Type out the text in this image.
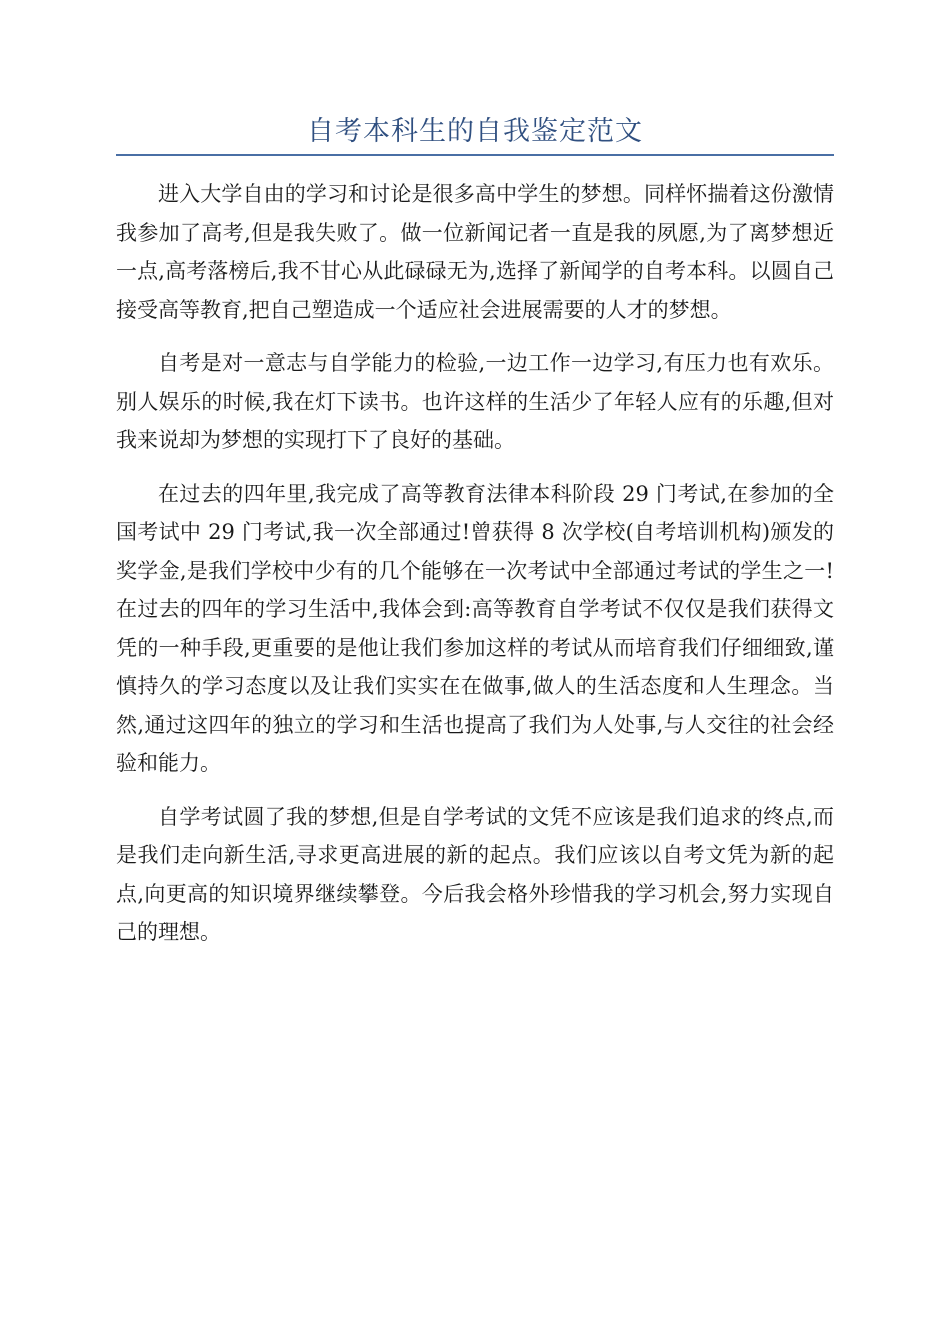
自考本科生的自我鉴定范文

进入大学自由的学习和讨论是很多高中学生的梦想。同样怀揣着这份激情我参加了高考,但是我失败了。做一位新闻记者一直是我的夙愿,为了离梦想近一点,高考落榜后,我不甘心从此碌碌无为,选择了新闻学的自考本科。以圆自己接受高等教育,把自己塑造成一个适应社会进展需要的人才的梦想。

自考是对一意志与自学能力的检验,一边工作一边学习,有压力也有欢乐。别人娱乐的时候,我在灯下读书。也许这样的生活少了年轻人应有的乐趣,但对我来说却为梦想的实现打下了良好的基础。

在过去的四年里,我完成了高等教育法律本科阶段 29 门考试,在参加的全国考试中 29 门考试,我一次全部通过!曾获得 8 次学校(自考培训机构)颁发的奖学金,是我们学校中少有的几个能够在一次考试中全部通过考试的学生之一!在过去的四年的学习生活中,我体会到:高等教育自学考试不仅仅是我们获得文凭的一种手段,更重要的是他让我们参加这样的考试从而培育我们仔细细致,谨慎持久的学习态度以及让我们实实在在做事,做人的生活态度和人生理念。当然,通过这四年的独立的学习和生活也提高了我们为人处事,与人交往的社会经验和能力。

自学考试圆了我的梦想,但是自学考试的文凭不应该是我们追求的终点,而是我们走向新生活,寻求更高进展的新的起点。我们应该以自考文凭为新的起点,向更高的知识境界继续攀登。今后我会格外珍惜我的学习机会,努力实现自己的理想。
